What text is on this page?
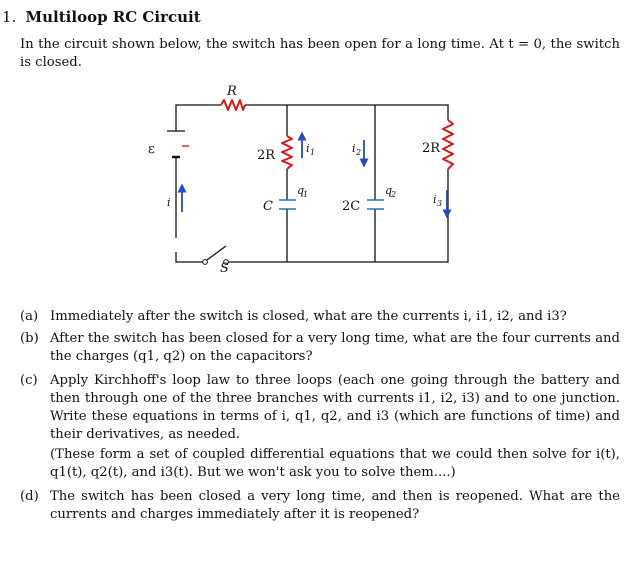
1. Multiloop RC Circuit
In the circuit shown below, the switch has been open for a long time. At t = 0, the switch is closed.
R
ε	2R	2R
C	2C
S
i
i 1	i 2
i 3
q
1	q
2
(a) Immediately after the switch is closed, what are the currents i, i1, i2, and i3?
(b) After the switch has been closed for a very long time, what are the four currents and the charges (q1, q2) on the capacitors?
(c) Apply Kirchhoff's loop law to three loops (each one going through the battery and then through one of the three branches with currents i1, i2, i3) and to one junction. Write these equations in terms of i, q1, q2, and i3 (which are functions of time) and their derivatives, as needed.
(These form a set of coupled differential equations that we could then solve for i(t), q1(t), q2(t), and i3(t). But we won't ask you to solve them....)
(d) The switch has been closed a very long time, and then is reopened. What are the currents and charges immediately after it is reopened?
